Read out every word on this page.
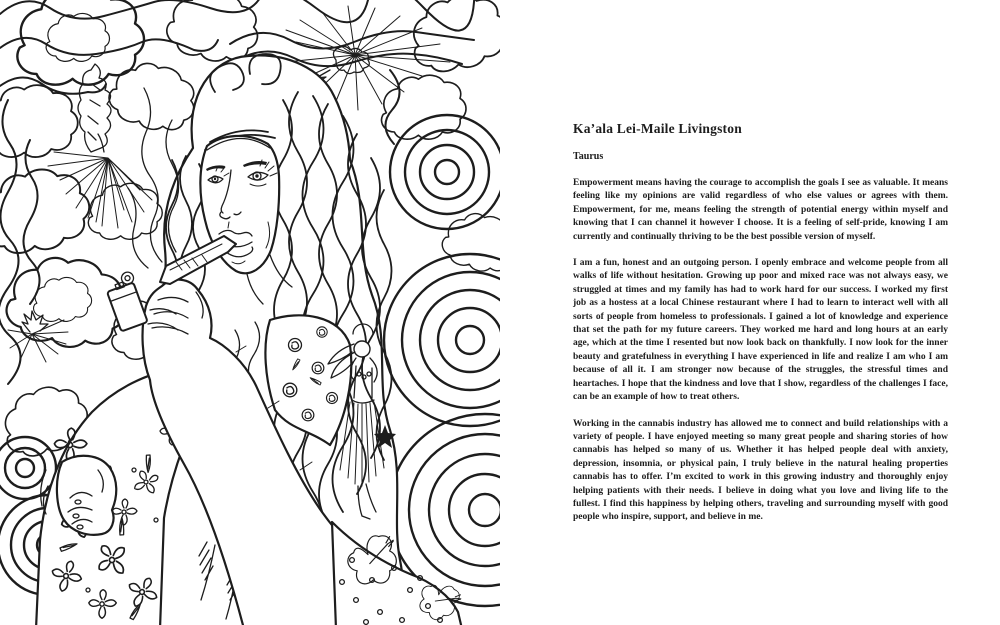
Ka’ala Lei-Maile Livingston
Taurus

Empowerment means having the courage to accomplish the goals I see as valuable. It means feeling like my opinions are valid regardless of who else values or agrees with them. Empowerment, for me, means feeling the strength of potential energy within myself and knowing that I can channel it however I choose. It is a feeling of self-pride, knowing I am currently and continually thriving to be the best possible version of myself.

I am a fun, honest and an outgoing person. I openly embrace and welcome people from all walks of life without hesitation. Growing up poor and mixed race was not always easy, we struggled at times and my family has had to work hard for our success. I worked my first job as a hostess at a local Chinese restaurant where I had to learn to interact well with all sorts of people from homeless to professionals. I gained a lot of knowledge and experience that set the path for my future careers. They worked me hard and long hours at an early age, which at the time I resented but now look back on thankfully. I now look for the inner beauty and gratefulness in everything I have experienced in life and realize I am who I am because of all it. I am stronger now because of the struggles, the stressful times and heartaches. I hope that the kindness and love that I show, regardless of the challenges I face, can be an example of how to treat others.

Working in the cannabis industry has allowed me to connect and build relationships with a variety of people. I have enjoyed meeting so many great people and sharing stories of how cannabis has helped so many of us. Whether it has helped people deal with anxiety, depression, insomnia, or physical pain, I truly believe in the natural healing properties cannabis has to offer. I’m excited to work in this growing industry and thoroughly enjoy helping patients with their needs. I believe in doing what you love and living life to the fullest. I find this happiness by helping others, traveling and surrounding myself with good people who inspire, support, and believe in me.
